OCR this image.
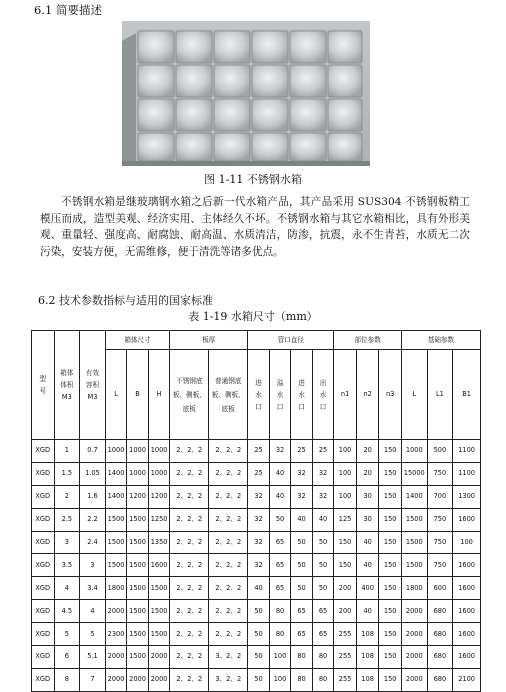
6.1 简要描述
图 1-11 不锈钢水箱
不锈钢水箱是继玻璃钢水箱之后新一代水箱产品，其产品采用 SUS304 不锈钢板精工模压而成，造型美观、经济实用、主体经久不坏。不锈钢水箱与其它水箱相比，具有外形美观、重量轻、强度高、耐腐蚀、耐高温、水质清洁，防渗，抗震，永不生青苔，水质无二次污染，安装方便，无需维修，便于清洗等诸多优点。
6.2 技术参数指标与适用的国家标准
表 1-19 水箱尺寸（mm）
型号	箱体体积M3	有效容积M3	箱体尺寸			板厚		管口直径				部位参数			基础参数		
			L	B	H	不锈钢底板、侧板、底板	普通钢底板、侧板、底板	进水口	溢水口	进水口	出水口	n1	n2	n3	L	L1	B1
XGD	1	0.7	1000	1000	1000	2、2、2	2、2、2	25	32	25	25	100	20	150	1000	500	1100
XGD	1.5	1.05	1400	1000	1000	2、2、2	2、2、2	25	40	32	32	100	20	150	15000	750	1100
XGD	2	1.6	1400	1200	1200	2、2、2	2、2、2	32	40	32	32	100	30	150	1400	700	1300
XGD	2.5	2.2	1500	1500	1250	2、2、2	2、2、2	32	50	40	40	125	30	150	1500	750	1600
XGD	3	2.4	1500	1500	1350	2、2、2	2、2、2	32	65	50	50	150	40	150	1500	750	100
XGD	3.5	3	1500	1500	1600	2、2、2	2、2、2	32	65	50	50	150	40	150	1500	750	1600
XGD	4	3.4	1800	1500	1500	2、2、2	2、2、2	40	65	50	50	200	400	150	1800	600	1600
XGD	4.5	4	2000	1500	1500	2、2、2	2、2、2	50	80	65	65	200	40	150	2000	680	1600
XGD	5	5	2300	1500	1500	2、2、2	2、2、2	50	80	65	65	255	108	150	2000	680	1600
XGD	6	5.1	2000	1500	2000	2、2、2	3、2、2	50	100	80	80	255	108	150	2000	680	1600
XGD	8	7	2000	2000	2000	2、2、2	3、2、2	50	100	80	80	255	108	150	2000	680	2100
